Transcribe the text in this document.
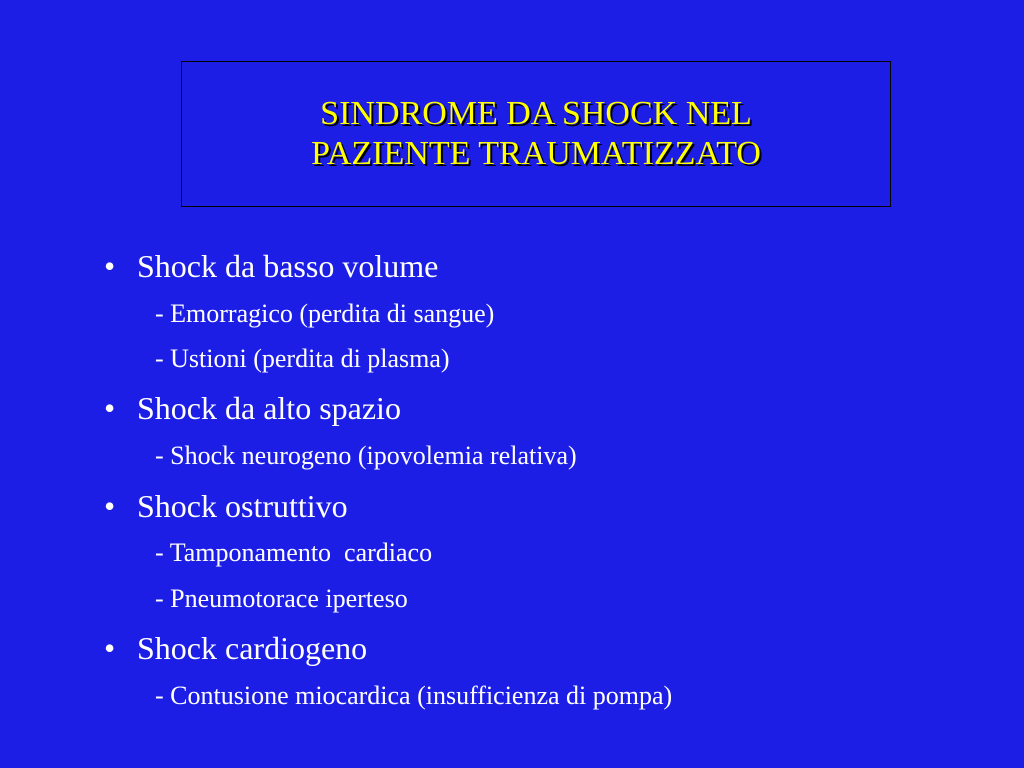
SINDROME DA SHOCK NEL
PAZIENTE TRAUMATIZZATO
• Shock da basso volume
- Emorragico (perdita di sangue)
- Ustioni (perdita di plasma)
• Shock da alto spazio
- Shock neurogeno (ipovolemia relativa)
• Shock ostruttivo
- Tamponamento  cardiaco
- Pneumotorace iperteso
• Shock cardiogeno
- Contusione miocardica (insufficienza di pompa)
